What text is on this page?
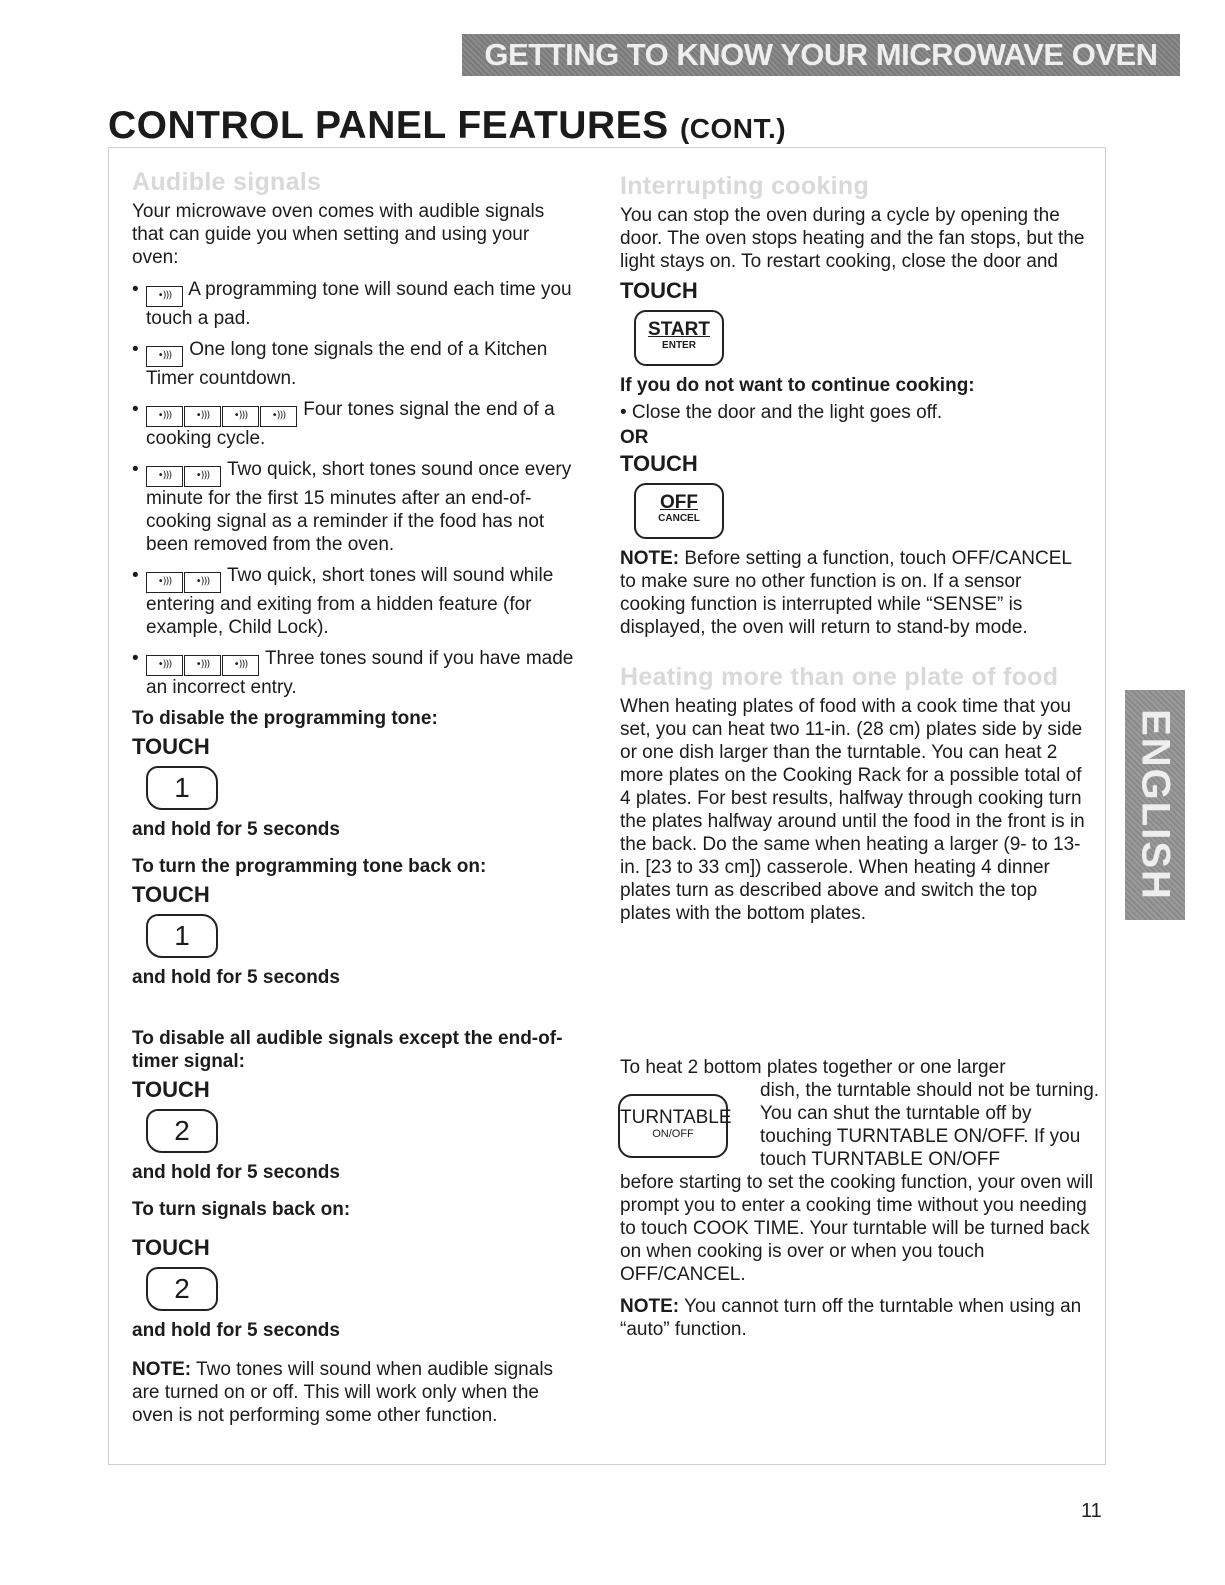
GETTING TO KNOW YOUR MICROWAVE OVEN
CONTROL PANEL FEATURES (CONT.)
Audible signals

Your microwave oven comes with audible signals that can guide you when setting and using your oven:

• •))) A programming tone will sound each time you touch a pad.
• •))) One long tone signals the end of a Kitchen Timer countdown.
• •))) •))) •))) •))) Four tones signal the end of a cooking cycle.
• •))) •))) Two quick, short tones sound once every minute for the first 15 minutes after an end-of-cooking signal as a reminder if the food has not been removed from the oven.
• •))) •))) Two quick, short tones will sound while entering and exiting from a hidden feature (for example, Child Lock).
• •))) •))) •))) Three tones sound if you have made an incorrect entry.
To disable the programming tone:
TOUCH
1
and hold for 5 seconds
To turn the programming tone back on:
TOUCH
1
and hold for 5 seconds
To disable all audible signals except the end-of-timer signal:
TOUCH
2
and hold for 5 seconds
To turn signals back on:
TOUCH
2
and hold for 5 seconds

NOTE: Two tones will sound when audible signals are turned on or off. This will work only when the oven is not performing some other function.

Interrupting cooking

You can stop the oven during a cycle by opening the door. The oven stops heating and the fan stops, but the light stays on. To restart cooking, close the door and

TOUCH
START
ENTER
If you do not want to continue cooking:

• Close the door and the light goes off.

OR
TOUCH
OFF
CANCEL

NOTE: Before setting a function, touch OFF/CANCEL to make sure no other function is on. If a sensor cooking function is interrupted while “SENSE” is displayed, the oven will return to stand-by mode.

Heating more than one plate of food

When heating plates of food with a cook time that you set, you can heat two 11-in. (28 cm) plates side by side or one dish larger than the turntable. You can heat 2 more plates on the Cooking Rack for a possible total of 4 plates. For best results, halfway through cooking turn the plates halfway around until the food in the front is in the back. Do the same when heating a larger (9- to 13-in. [23 to 33 cm]) casserole. When heating 4 dinner plates turn as described above and switch the top plates with the bottom plates.

To heat 2 bottom plates together or one larger

dish, the turntable should not be turning. You can shut the turntable off by touching TURNTABLE ON/OFF. If you touch TURNTABLE ON/OFF

before starting to set the cooking function, your oven will prompt you to enter a cooking time without you needing to touch COOK TIME. Your turntable will be turned back on when cooking is over or when you touch OFF/CANCEL.

NOTE: You cannot turn off the turntable when using an “auto” function.

TURNTABLE
ON/OFF
ENGLISH
11
